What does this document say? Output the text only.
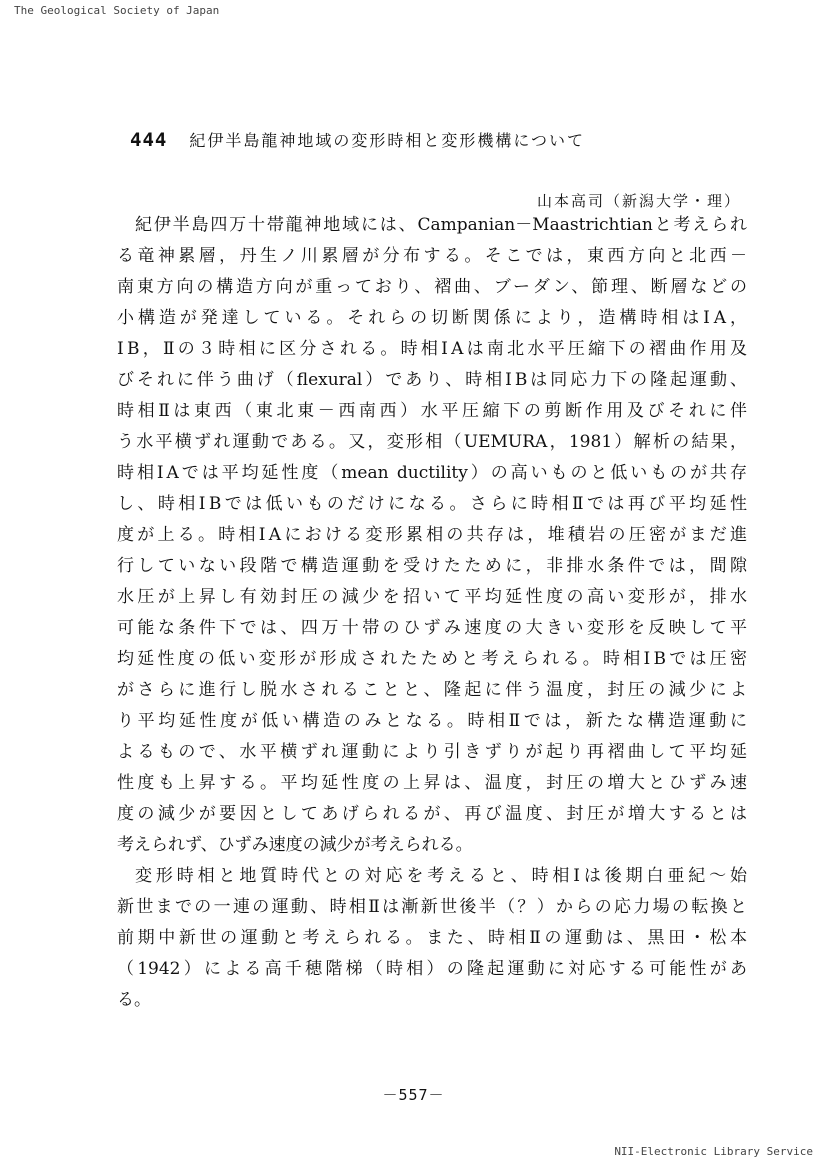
The Geological Society of Japan
444 紀伊半島龍神地域の変形時相と変形機構について
山本高司（新潟大学・理）
紀伊半島四万十帯龍神地域には、Campanian－Maastrichtianと考えられ
る竜神累層，丹生ノ川累層が分布する。そこでは，東西方向と北西－
南東方向の構造方向が重っており、褶曲、ブーダン、節理、断層などの
小構造が発達している。それらの切断関係により，造構時相はⅠA，
ⅠB，Ⅱの３時相に区分される。時相ⅠAは南北水平圧縮下の褶曲作用及
びそれに伴う曲げ（flexural）であり、時相ⅠBは同応力下の隆起運動、
時相Ⅱは東西（東北東－西南西）水平圧縮下の剪断作用及びそれに伴
う水平横ずれ運動である。又，変形相（UEMURA，1981）解析の結果，
時相ⅠAでは平均延性度（mean ductility）の高いものと低いものが共存
し、時相ⅠBでは低いものだけになる。さらに時相Ⅱでは再び平均延性
度が上る。時相ⅠAにおける変形累相の共存は，堆積岩の圧密がまだ進
行していない段階で構造運動を受けたために，非排水条件では，間隙
水圧が上昇し有効封圧の減少を招いて平均延性度の高い変形が，排水
可能な条件下では、四万十帯のひずみ速度の大きい変形を反映して平
均延性度の低い変形が形成されたためと考えられる。時相ⅠBでは圧密
がさらに進行し脱水されることと、隆起に伴う温度，封圧の減少によ
り平均延性度が低い構造のみとなる。時相Ⅱでは，新たな構造運動に
よるもので、水平横ずれ運動により引きずりが起り再褶曲して平均延
性度も上昇する。平均延性度の上昇は、温度，封圧の増大とひずみ速
度の減少が要因としてあげられるが、再び温度、封圧が増大するとは
考えられず、ひずみ速度の減少が考えられる。
変形時相と地質時代との対応を考えると、時相Ⅰは後期白亜紀～始
新世までの一連の運動、時相Ⅱは漸新世後半（？）からの応力場の転換と
前期中新世の運動と考えられる。また、時相Ⅱの運動は、黒田・松本
（1942）による高千穂階梯（時相）の隆起運動に対応する可能性があ
る。
－557－
NII-Electronic Library Service
